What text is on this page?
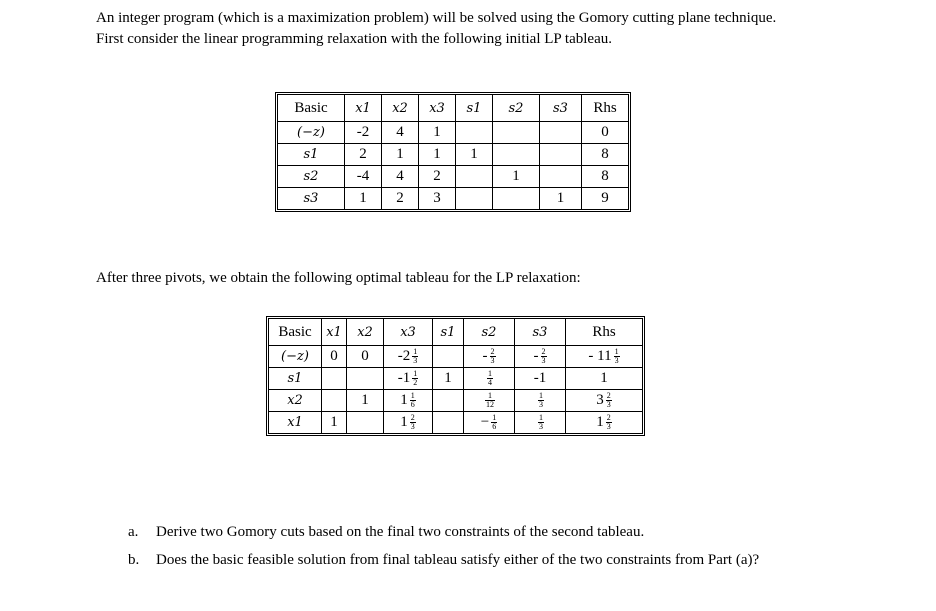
An integer program (which is a maximization problem) will be solved using the Gomory cutting plane technique.
First consider the linear programming relaxation with the following initial LP tableau.
Basic	x1	x2	x3	s1	s2	s3	Rhs
(−z)	-2	4	1				0
s1	2	1	1	1			8
s2	-4	4	2		1		8
s3	1	2	3			1	9
After three pivots, we obtain the following optimal tableau for the LP relaxation:
Basic	x1	x2	x3	s1	s2	s3	Rhs
(−z)	0	0	$-2 \frac{1}{3}$		- $\frac{2}{3}$	- $\frac{2}{3}$	- $11 \frac{1}{3}$

s1			$-1 \frac{1}{2}$	1	$\frac{1}{4}$	-1	1
x2		1	$1 \frac{1}{6}$		$\frac{1}{12}$	$\frac{1}{3}$	$3 \frac{2}{3}$

x1	1		$1 \frac{2}{3}$		− $\frac{1}{6}$	$\frac{1}{3}$	$1 \frac{2}{3}$
a. Derive two Gomory cuts based on the final two constraints of the second tableau.
b. Does the basic feasible solution from final tableau satisfy either of the two constraints from Part (a)?
